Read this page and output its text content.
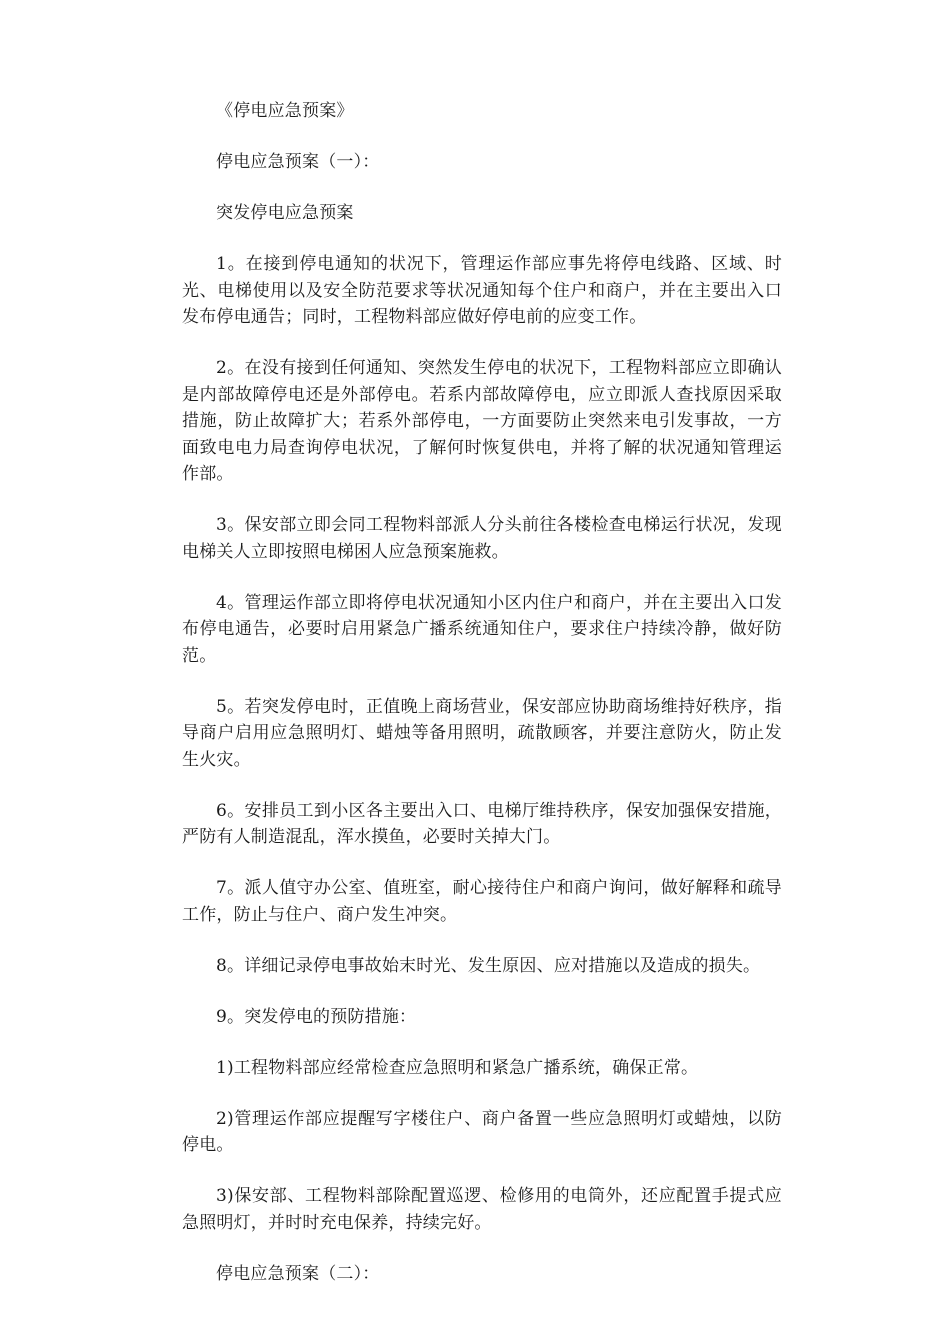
《停电应急预案》

停电应急预案（一）：

突发停电应急预案

1。在接到停电通知的状况下，管理运作部应事先将停电线路、区域、时光、电梯使用以及安全防范要求等状况通知每个住户和商户，并在主要出入口发布停电通告；同时，工程物料部应做好停电前的应变工作。

2。在没有接到任何通知、突然发生停电的状况下，工程物料部应立即确认是内部故障停电还是外部停电。若系内部故障停电，应立即派人查找原因采取措施，防止故障扩大；若系外部停电，一方面要防止突然来电引发事故，一方面致电电力局查询停电状况，了解何时恢复供电，并将了解的状况通知管理运作部。

3。保安部立即会同工程物料部派人分头前往各楼检查电梯运行状况，发现电梯关人立即按照电梯困人应急预案施救。

4。管理运作部立即将停电状况通知小区内住户和商户，并在主要出入口发布停电通告，必要时启用紧急广播系统通知住户，要求住户持续冷静，做好防范。

5。若突发停电时，正值晚上商场营业，保安部应协助商场维持好秩序，指导商户启用应急照明灯、蜡烛等备用照明，疏散顾客，并要注意防火，防止发生火灾。

6。安排员工到小区各主要出入口、电梯厅维持秩序，保安加强保安措施，严防有人制造混乱，浑水摸鱼，必要时关掉大门。

7。派人值守办公室、值班室，耐心接待住户和商户询问，做好解释和疏导工作，防止与住户、商户发生冲突。

8。详细记录停电事故始末时光、发生原因、应对措施以及造成的损失。

9。突发停电的预防措施：

1)工程物料部应经常检查应急照明和紧急广播系统，确保正常。

2)管理运作部应提醒写字楼住户、商户备置一些应急照明灯或蜡烛，以防停电。

3)保安部、工程物料部除配置巡逻、检修用的电筒外，还应配置手提式应急照明灯，并时时充电保养，持续完好。

停电应急预案（二）：
